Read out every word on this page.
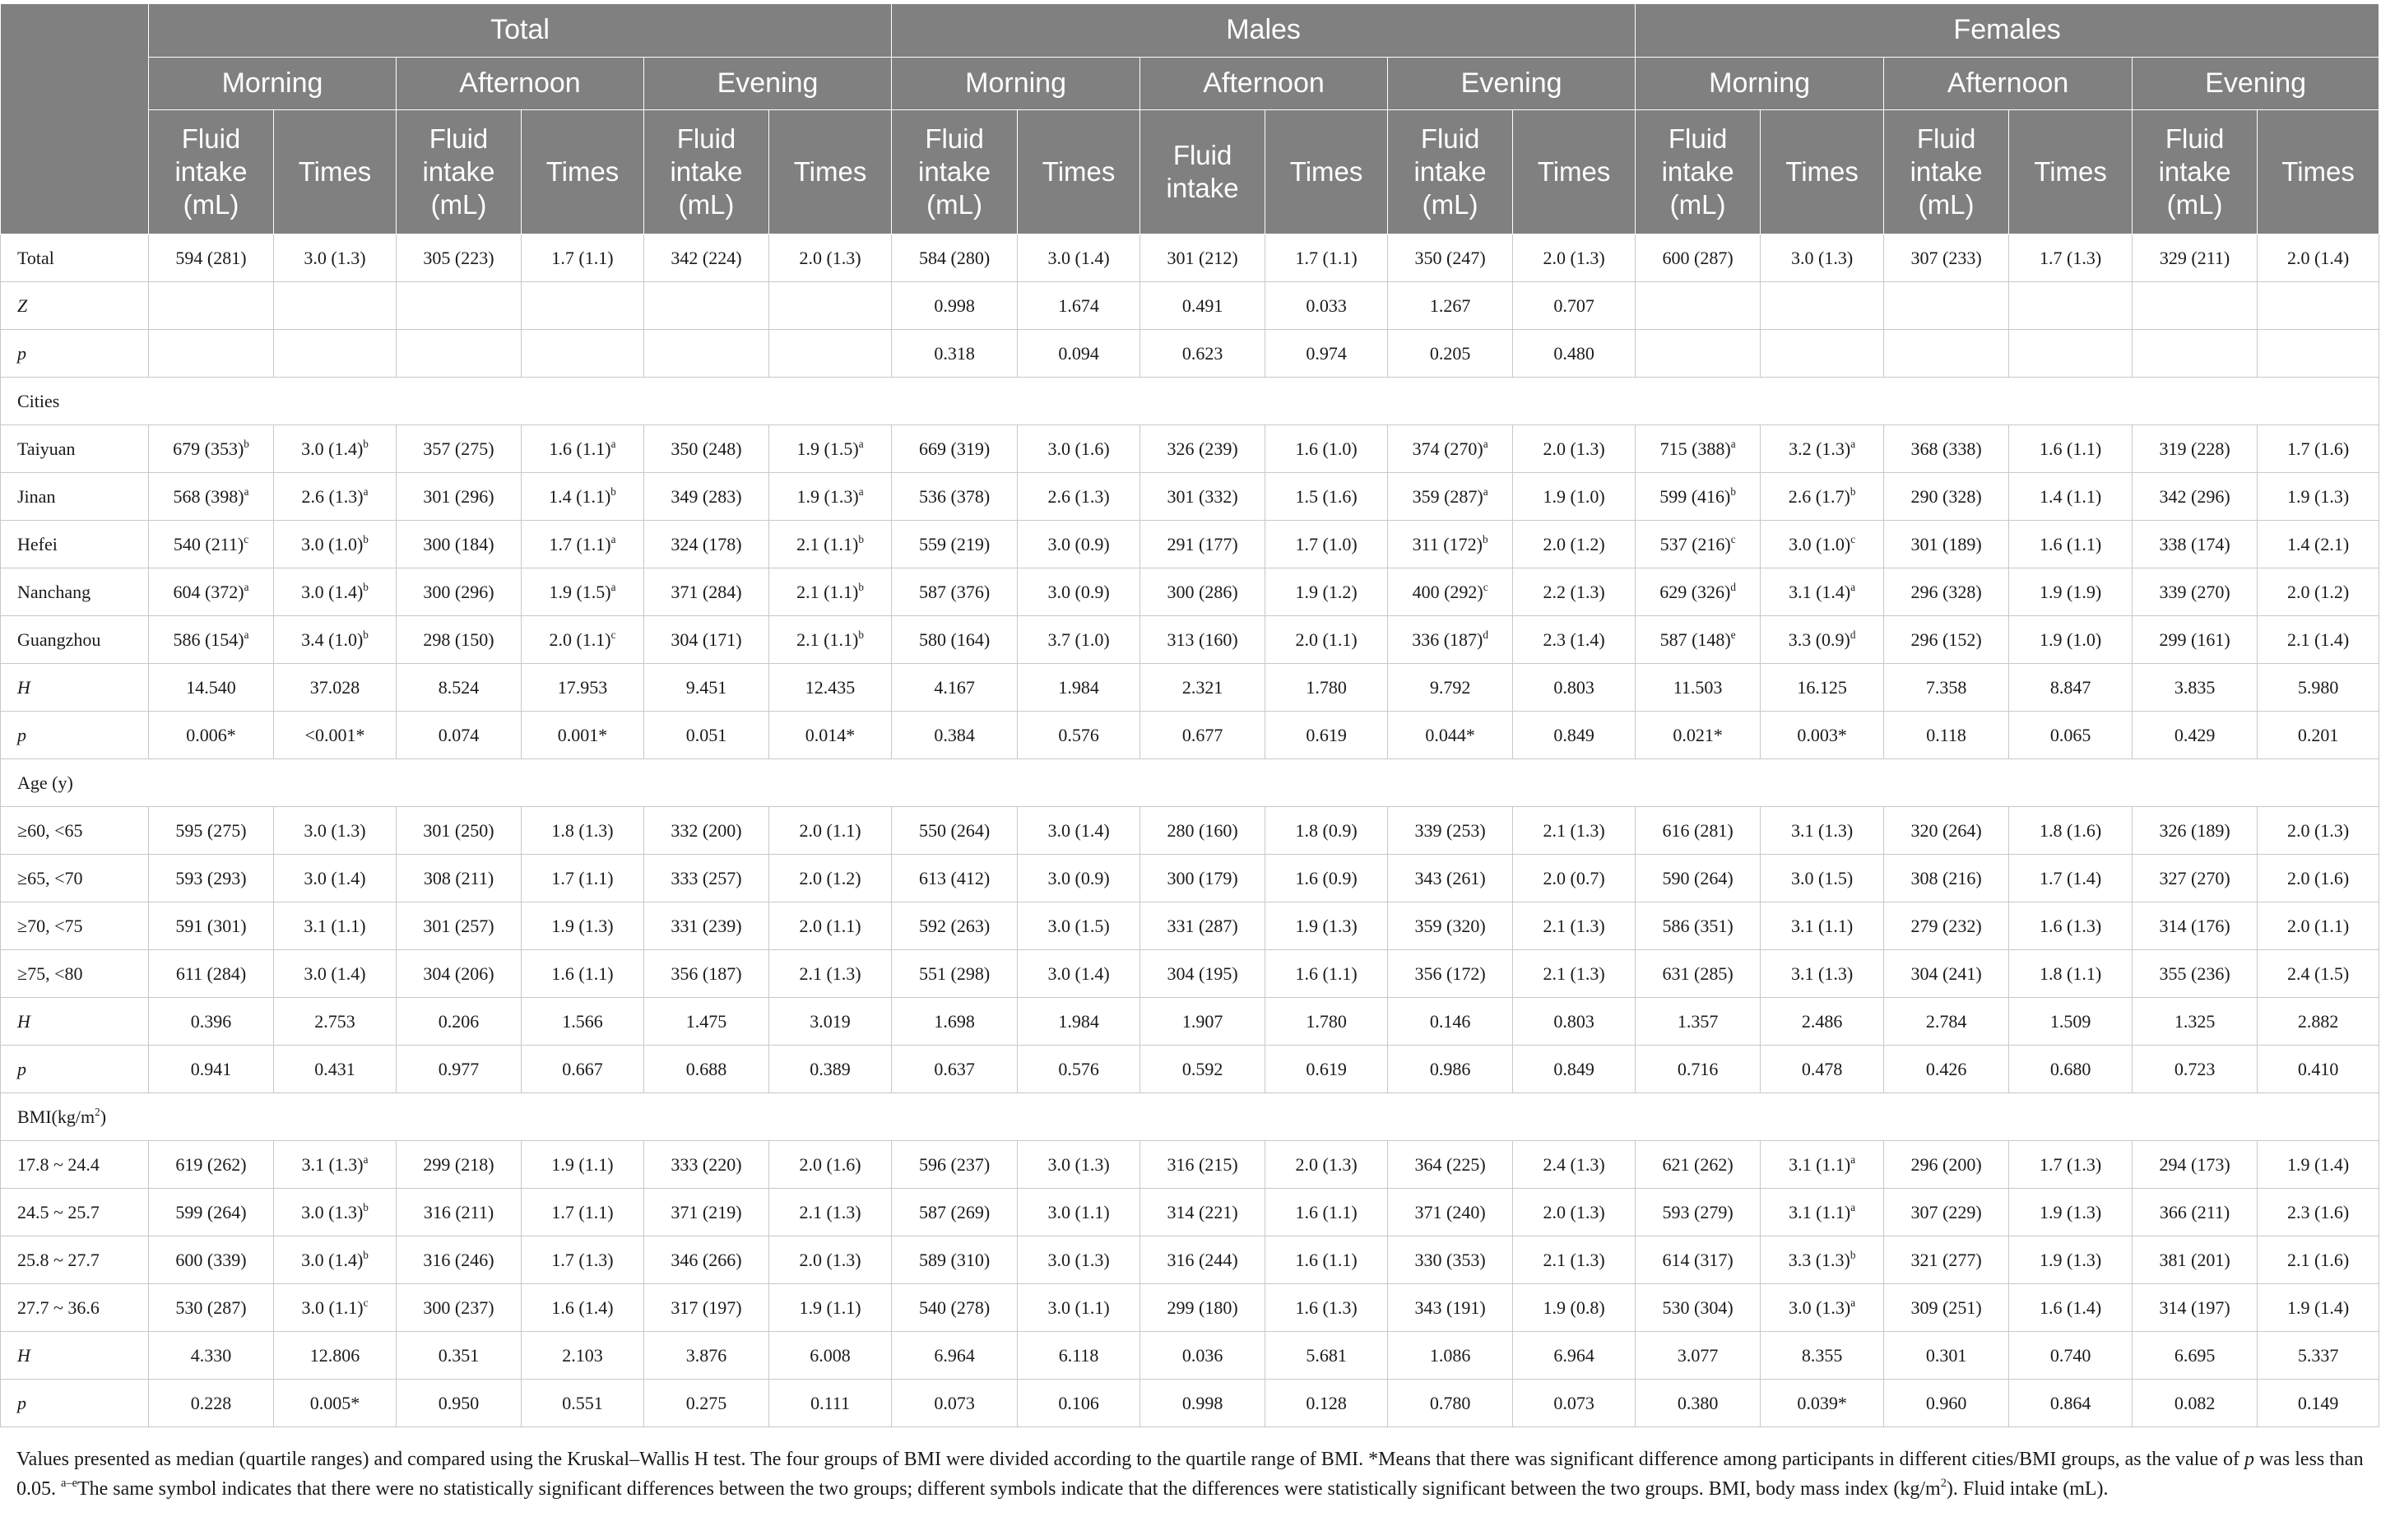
	Total						Males						Females					
	Morning		Afternoon		Evening		Morning		Afternoon		Evening		Morning		Afternoon		Evening	
	Fluid intake (mL)	Times	Fluid intake (mL)	Times	Fluid intake (mL)	Times	Fluid intake (mL)	Times	Fluid intake	Times	Fluid intake (mL)	Times	Fluid intake (mL)	Times	Fluid intake (mL)	Times	Fluid intake (mL)	Times
Total	594 (281)	3.0 (1.3)	305 (223)	1.7 (1.1)	342 (224)	2.0 (1.3)	584 (280)	3.0 (1.4)	301 (212)	1.7 (1.1)	350 (247)	2.0 (1.3)	600 (287)	3.0 (1.3)	307 (233)	1.7 (1.3)	329 (211)	2.0 (1.4)
Z							0.998	1.674	0.491	0.033	1.267	0.707						
p							0.318	0.094	0.623	0.974	0.205	0.480						
Cities																		
Taiyuan	679 $(353)^b$	3.0 $(1.4)^b$	357 (275)	1.6 $(1.1)^a$	350 (248)	1.9 $(1.5)^a$	669 (319)	3.0 (1.6)	326 (239)	1.6 (1.0)	374 $(270)^a$	2.0 (1.3)	715 $(388)^a$	3.2 $(1.3)^a$	368 (338)	1.6 (1.1)	319 (228)	1.7 (1.6)
Jinan	568 $(398)^a$	2.6 $(1.3)^a$	301 (296)	1.4 $(1.1)^b$	349 (283)	1.9 $(1.3)^a$	536 (378)	2.6 (1.3)	301 (332)	1.5 (1.6)	359 $(287)^a$	1.9 (1.0)	599 $(416)^b$	2.6 $(1.7)^b$	290 (328)	1.4 (1.1)	342 (296)	1.9 (1.3)
Hefei	540 $(211)^c$	3.0 $(1.0)^b$	300 (184)	1.7 $(1.1)^a$	324 (178)	2.1 $(1.1)^b$	559 (219)	3.0 (0.9)	291 (177)	1.7 (1.0)	311 $(172)^b$	2.0 (1.2)	537 $(216)^c$	3.0 $(1.0)^c$	301 (189)	1.6 (1.1)	338 (174)	1.4 (2.1)
Nanchang	604 $(372)^a$	3.0 $(1.4)^b$	300 (296)	1.9 $(1.5)^a$	371 (284)	2.1 $(1.1)^b$	587 (376)	3.0 (0.9)	300 (286)	1.9 (1.2)	400 $(292)^c$	2.2 (1.3)	629 $(326)^d$	3.1 $(1.4)^a$	296 (328)	1.9 (1.9)	339 (270)	2.0 (1.2)
Guangzhou	586 $(154)^a$	3.4 $(1.0)^b$	298 (150)	2.0 $(1.1)^c$	304 (171)	2.1 $(1.1)^b$	580 (164)	3.7 (1.0)	313 (160)	2.0 (1.1)	336 $(187)^d$	2.3 (1.4)	587 $(148)^e$	3.3 $(0.9)^d$	296 (152)	1.9 (1.0)	299 (161)	2.1 (1.4)
H	14.540	37.028	8.524	17.953	9.451	12.435	4.167	1.984	2.321	1.780	9.792	0.803	11.503	16.125	7.358	8.847	3.835	5.980
p	0.006*	<0.001*	0.074	0.001*	0.051	0.014*	0.384	0.576	0.677	0.619	0.044*	0.849	0.021*	0.003*	0.118	0.065	0.429	0.201
Age (y)																		
≥60, <65	595 (275)	3.0 (1.3)	301 (250)	1.8 (1.3)	332 (200)	2.0 (1.1)	550 (264)	3.0 (1.4)	280 (160)	1.8 (0.9)	339 (253)	2.1 (1.3)	616 (281)	3.1 (1.3)	320 (264)	1.8 (1.6)	326 (189)	2.0 (1.3)
≥65, <70	593 (293)	3.0 (1.4)	308 (211)	1.7 (1.1)	333 (257)	2.0 (1.2)	613 (412)	3.0 (0.9)	300 (179)	1.6 (0.9)	343 (261)	2.0 (0.7)	590 (264)	3.0 (1.5)	308 (216)	1.7 (1.4)	327 (270)	2.0 (1.6)
≥70, <75	591 (301)	3.1 (1.1)	301 (257)	1.9 (1.3)	331 (239)	2.0 (1.1)	592 (263)	3.0 (1.5)	331 (287)	1.9 (1.3)	359 (320)	2.1 (1.3)	586 (351)	3.1 (1.1)	279 (232)	1.6 (1.3)	314 (176)	2.0 (1.1)
≥75, <80	611 (284)	3.0 (1.4)	304 (206)	1.6 (1.1)	356 (187)	2.1 (1.3)	551 (298)	3.0 (1.4)	304 (195)	1.6 (1.1)	356 (172)	2.1 (1.3)	631 (285)	3.1 (1.3)	304 (241)	1.8 (1.1)	355 (236)	2.4 (1.5)
H	0.396	2.753	0.206	1.566	1.475	3.019	1.698	1.984	1.907	1.780	0.146	0.803	1.357	2.486	2.784	1.509	1.325	2.882
p	0.941	0.431	0.977	0.667	0.688	0.389	0.637	0.576	0.592	0.619	0.986	0.849	0.716	0.478	0.426	0.680	0.723	0.410
$BMI(kg/m^2)$																		
17.8 ~ 24.4	619 (262)	3.1 $(1.3)^a$	299 (218)	1.9 (1.1)	333 (220)	2.0 (1.6)	596 (237)	3.0 (1.3)	316 (215)	2.0 (1.3)	364 (225)	2.4 (1.3)	621 (262)	3.1 $(1.1)^a$	296 (200)	1.7 (1.3)	294 (173)	1.9 (1.4)
24.5 ~ 25.7	599 (264)	3.0 $(1.3)^b$	316 (211)	1.7 (1.1)	371 (219)	2.1 (1.3)	587 (269)	3.0 (1.1)	314 (221)	1.6 (1.1)	371 (240)	2.0 (1.3)	593 (279)	3.1 $(1.1)^a$	307 (229)	1.9 (1.3)	366 (211)	2.3 (1.6)
25.8 ~ 27.7	600 (339)	3.0 $(1.4)^b$	316 (246)	1.7 (1.3)	346 (266)	2.0 (1.3)	589 (310)	3.0 (1.3)	316 (244)	1.6 (1.1)	330 (353)	2.1 (1.3)	614 (317)	3.3 $(1.3)^b$	321 (277)	1.9 (1.3)	381 (201)	2.1 (1.6)
27.7 ~ 36.6	530 (287)	3.0 $(1.1)^c$	300 (237)	1.6 (1.4)	317 (197)	1.9 (1.1)	540 (278)	3.0 (1.1)	299 (180)	1.6 (1.3)	343 (191)	1.9 (0.8)	530 (304)	3.0 $(1.3)^a$	309 (251)	1.6 (1.4)	314 (197)	1.9 (1.4)
H	4.330	12.806	0.351	2.103	3.876	6.008	6.964	6.118	0.036	5.681	1.086	6.964	3.077	8.355	0.301	0.740	6.695	5.337
p	0.228	0.005*	0.950	0.551	0.275	0.111	0.073	0.106	0.998	0.128	0.780	0.073	0.380	0.039*	0.960	0.864	0.082	0.149

Values presented as median (quartile ranges) and compared using the Kruskal–Wallis H test. The four groups of BMI were divided according to the quartile range of BMI. *Means that there was significant difference among participants in different cities/BMI groups, as the value of p was less than 0.05. $^{a-e}$The same symbol indicates that there were no statistically significant differences between the two groups; different symbols indicate that the differences were statistically significant between the two groups. BMI, body mass index $(kg/m^2)$. Fluid intake (mL).
